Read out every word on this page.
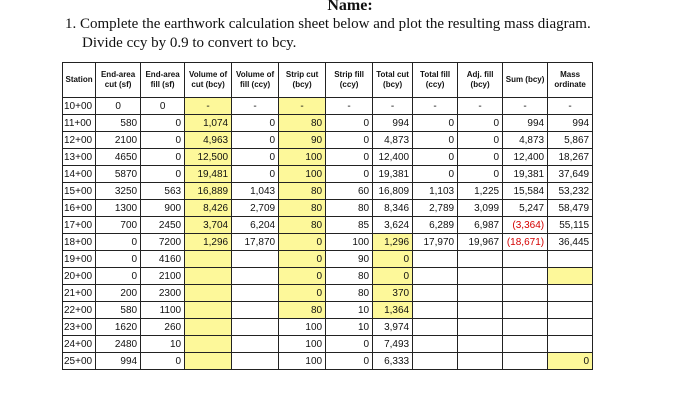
Name:
1. Complete the earthwork calculation sheet below and plot the resulting mass diagram.
Divide ccy by 0.9 to convert to bcy.
Station	End-area cut (sf)	End-area fill (sf)	Volume of cut (bcy)	Volume of fill (ccy)	Strip cut (bcy)	Strip fill (ccy)	Total cut (bcy)	Total fill (ccy)	Adj. fill (bcy)	Sum (bcy)	Mass ordinate
10+00	0	0	-	-	-	-	-	-	-	-	-
11+00	580	0	1,074	0	80	0	994	0	0	994	994
12+00	2100	0	4,963	0	90	0	4,873	0	0	4,873	5,867
13+00	4650	0	12,500	0	100	0	12,400	0	0	12,400	18,267
14+00	5870	0	19,481	0	100	0	19,381	0	0	19,381	37,649
15+00	3250	563	16,889	1,043	80	60	16,809	1,103	1,225	15,584	53,232
16+00	1300	900	8,426	2,709	80	80	8,346	2,789	3,099	5,247	58,479
17+00	700	2450	3,704	6,204	80	85	3,624	6,289	6,987	(3,364)	55,115
18+00	0	7200	1,296	17,870	0	100	1,296	17,970	19,967	(18,671)	36,445
19+00	0	4160			0	90	0				
20+00	0	2100			0	80	0				
21+00	200	2300			0	80	370				
22+00	580	1100			80	10	1,364				
23+00	1620	260			100	10	3,974				
24+00	2480	10			100	0	7,493				
25+00	994	0			100	0	6,333				0
